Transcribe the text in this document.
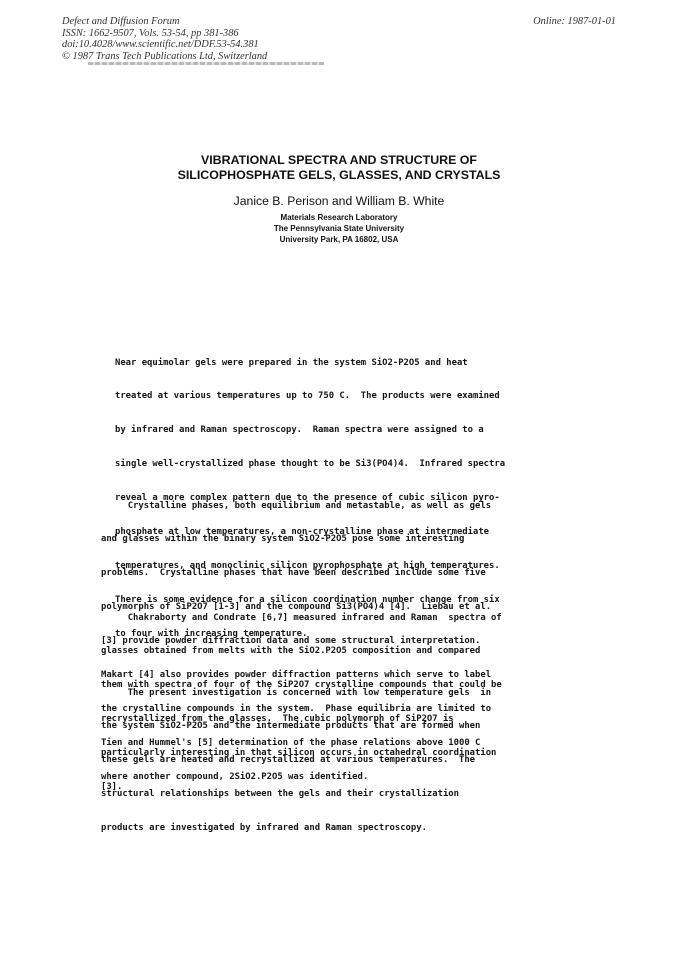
Defect and Diffusion Forum
ISSN: 1662-9507, Vols. 53-54, pp 381-386
doi:10.4028/www.scientific.net/DDF.53-54.381
© 1987 Trans Tech Publications Ltd, Switzerland
Online: 1987-01-01
VIBRATIONAL SPECTRA AND STRUCTURE OF
SILICOPHOSPHATE GELS, GLASSES, AND CRYSTALS
Janice B. Perison and William B. White
Materials Research Laboratory
The Pennsylvania State University
University Park, PA 16802, USA

Near equimolar gels were prepared in the system SiO2-P2O5 and heat

treated at various temperatures up to 750 C.  The products were examined

by infrared and Raman spectroscopy.  Raman spectra were assigned to a

single well-crystallized phase thought to be Si3(PO4)4.  Infrared spectra

reveal a more complex pattern due to the presence of cubic silicon pyro-

phosphate at low temperatures, a non-crystalline phase at intermediate

temperatures, and monoclinic silicon pyrophosphate at high temperatures.

There is some evidence for a silicon coordination number change from six

to four with increasing temperature.

Crystalline phases, both equilibrium and metastable, as well as gels

and glasses within the binary system SiO2-P2O5 pose some interesting

problems.  Crystalline phases that have been described include some five

polymorphs of SiP2O7 [1-3] and the compound Si3(PO4)4 [4].  Liebau et al.

[3] provide powder diffraction data and some structural interpretation.

Makart [4] also provides powder diffraction patterns which serve to label

the crystalline compounds in the system.  Phase equilibria are limited to

Tien and Hummel's [5] determination of the phase relations above 1000 C

where another compound, 2SiO2.P2O5 was identified.

Chakraborty and Condrate [6,7] measured infrared and Raman  spectra of

glasses obtained from melts with the SiO2.P2O5 composition and compared

them with spectra of four of the SiP2O7 crystalline compounds that could be

recrystallized from the glasses.  The cubic polymorph of SiP2O7 is

particularly interesting in that silicon occurs in octahedral coordination

[3].

The present investigation is concerned with low temperature gels  in

the system SiO2-P2O5 and the intermediate products that are formed when

these gels are heated and recrystallized at various temperatures.  The

structural relationships between the gels and their crystallization

products are investigated by infrared and Raman spectroscopy.
